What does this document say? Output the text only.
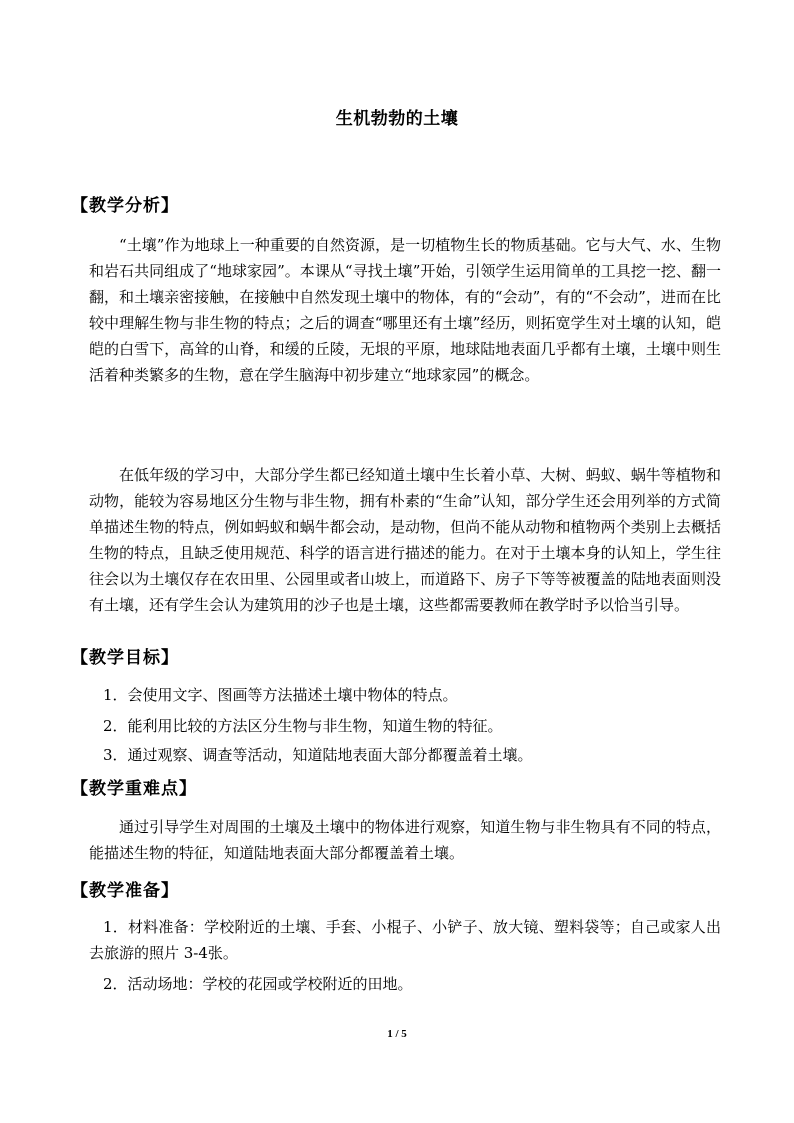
生机勃勃的土壤
【教学分析】
“土壤”作为地球上一种重要的自然资源，是一切植物生长的物质基础。它与大气、水、生物和岩石共同组成了“地球家园”。本课从“寻找土壤”开始，引领学生运用简单的工具挖一挖、翻一翻，和土壤亲密接触，在接触中自然发现土壤中的物体，有的“会动”，有的“不会动”，进而在比较中理解生物与非生物的特点；之后的调查“哪里还有土壤”经历，则拓宽学生对土壤的认知，皑皑的白雪下，高耸的山脊，和缓的丘陵，无垠的平原，地球陆地表面几乎都有土壤，土壤中则生活着种类繁多的生物，意在学生脑海中初步建立“地球家园”的概念。
在低年级的学习中，大部分学生都已经知道土壤中生长着小草、大树、蚂蚁、蜗牛等植物和动物，能较为容易地区分生物与非生物，拥有朴素的“生命”认知，部分学生还会用列举的方式简单描述生物的特点，例如蚂蚁和蜗牛都会动，是动物，但尚不能从动物和植物两个类别上去概括生物的特点，且缺乏使用规范、科学的语言进行描述的能力。在对于土壤本身的认知上，学生往往会以为土壤仅存在农田里、公园里或者山坡上，而道路下、房子下等等被覆盖的陆地表面则没有土壤，还有学生会认为建筑用的沙子也是土壤，这些都需要教师在教学时予以恰当引导。
【教学目标】
1．会使用文字、图画等方法描述土壤中物体的特点。
2．能利用比较的方法区分生物与非生物，知道生物的特征。
3．通过观察、调查等活动，知道陆地表面大部分都覆盖着土壤。
【教学重难点】
通过引导学生对周围的土壤及土壤中的物体进行观察，知道生物与非生物具有不同的特点，能描述生物的特征，知道陆地表面大部分都覆盖着土壤。
【教学准备】
1．材料准备：学校附近的土壤、手套、小棍子、小铲子、放大镜、塑料袋等；自己或家人出去旅游的照片 3-4张。
2．活动场地：学校的花园或学校附近的田地。
1 / 5
